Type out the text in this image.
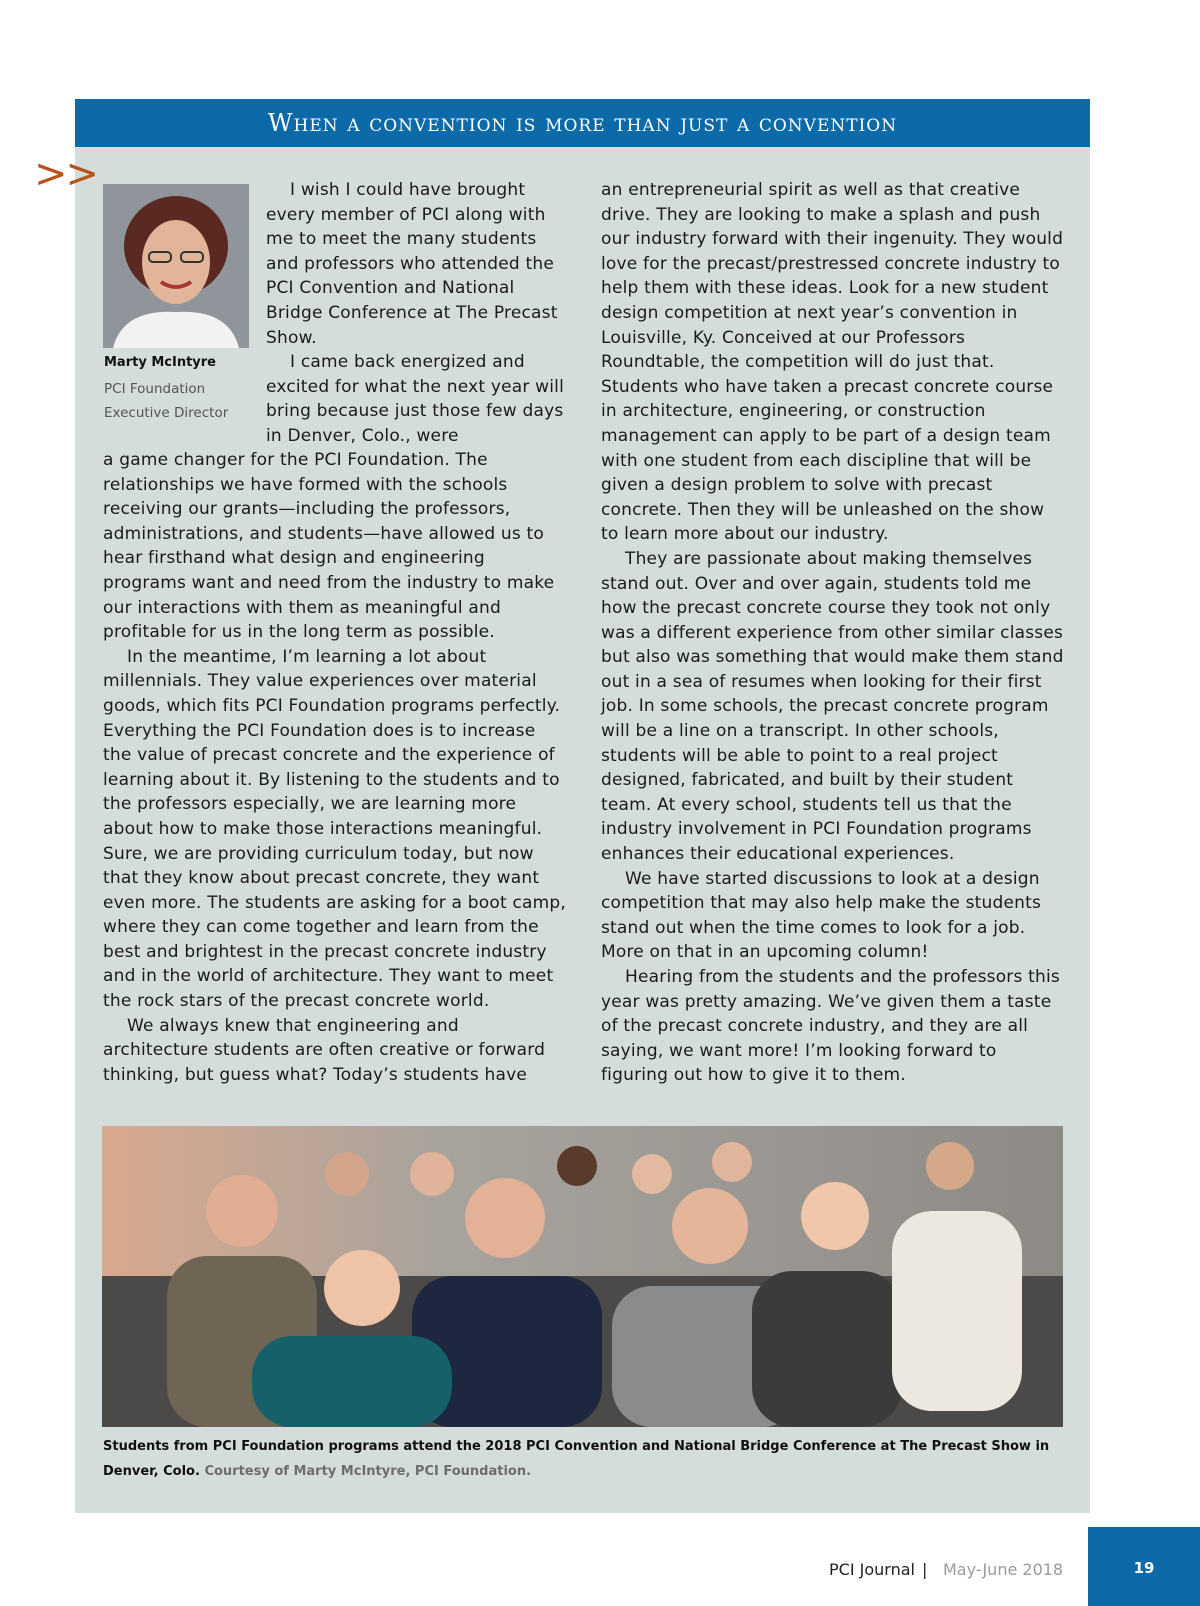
When a convention is more than just a convention
>>
Marty McIntyre
PCI Foundation
Executive Director

I wish I could have brought every member of PCI along with me to meet the many students and professors who attended the PCI Convention and National Bridge Conference at The Precast Show.

I came back energized and excited for what the next year will bring because just those few days in Denver, Colo., were

a game changer for the PCI Foundation. The relationships we have formed with the schools receiving our grants—including the professors, administrations, and students—have allowed us to hear firsthand what design and engineering programs want and need from the industry to make our interactions with them as meaningful and profitable for us in the long term as possible.

In the meantime, I’m learning a lot about millennials. They value experiences over material goods, which fits PCI Foundation programs perfectly. Everything the PCI Foundation does is to increase the value of precast concrete and the experience of learning about it. By listening to the students and to the professors especially, we are learning more about how to make those interactions meaningful. Sure, we are providing curriculum today, but now that they know about precast concrete, they want even more. The students are asking for a boot camp, where they can come together and learn from the best and brightest in the precast concrete industry and in the world of architecture. They want to meet the rock stars of the precast concrete world.

We always knew that engineering and architecture students are often creative or forward thinking, but guess what? Today’s students have

an entrepreneurial spirit as well as that creative drive. They are looking to make a splash and push our industry forward with their ingenuity. They would love for the precast/prestressed concrete industry to help them with these ideas. Look for a new student design competition at next year’s convention in Louisville, Ky. Conceived at our Professors Roundtable, the competition will do just that. Students who have taken a precast concrete course in architecture, engineering, or construction management can apply to be part of a design team with one student from each discipline that will be given a design problem to solve with precast concrete. Then they will be unleashed on the show to learn more about our industry.

They are passionate about making themselves stand out. Over and over again, students told me how the precast concrete course they took not only was a different experience from other similar classes but also was something that would make them stand out in a sea of resumes when looking for their first job. In some schools, the precast concrete program will be a line on a transcript. In other schools, students will be able to point to a real project designed, fabricated, and built by their student team. At every school, students tell us that the industry involvement in PCI Foundation programs enhances their educational experiences.

We have started discussions to look at a design competition that may also help make the students stand out when the time comes to look for a job. More on that in an upcoming column!

Hearing from the students and the professors this year was pretty amazing. We’ve given them a taste of the precast concrete industry, and they are all saying, we want more! I’m looking forward to figuring out how to give it to them.

Students from PCI Foundation programs attend the 2018 PCI Convention and National Bridge Conference at The Precast Show in Denver, Colo. Courtesy of Marty McIntyre, PCI Foundation.
PCI Journal | May-June 2018	19
